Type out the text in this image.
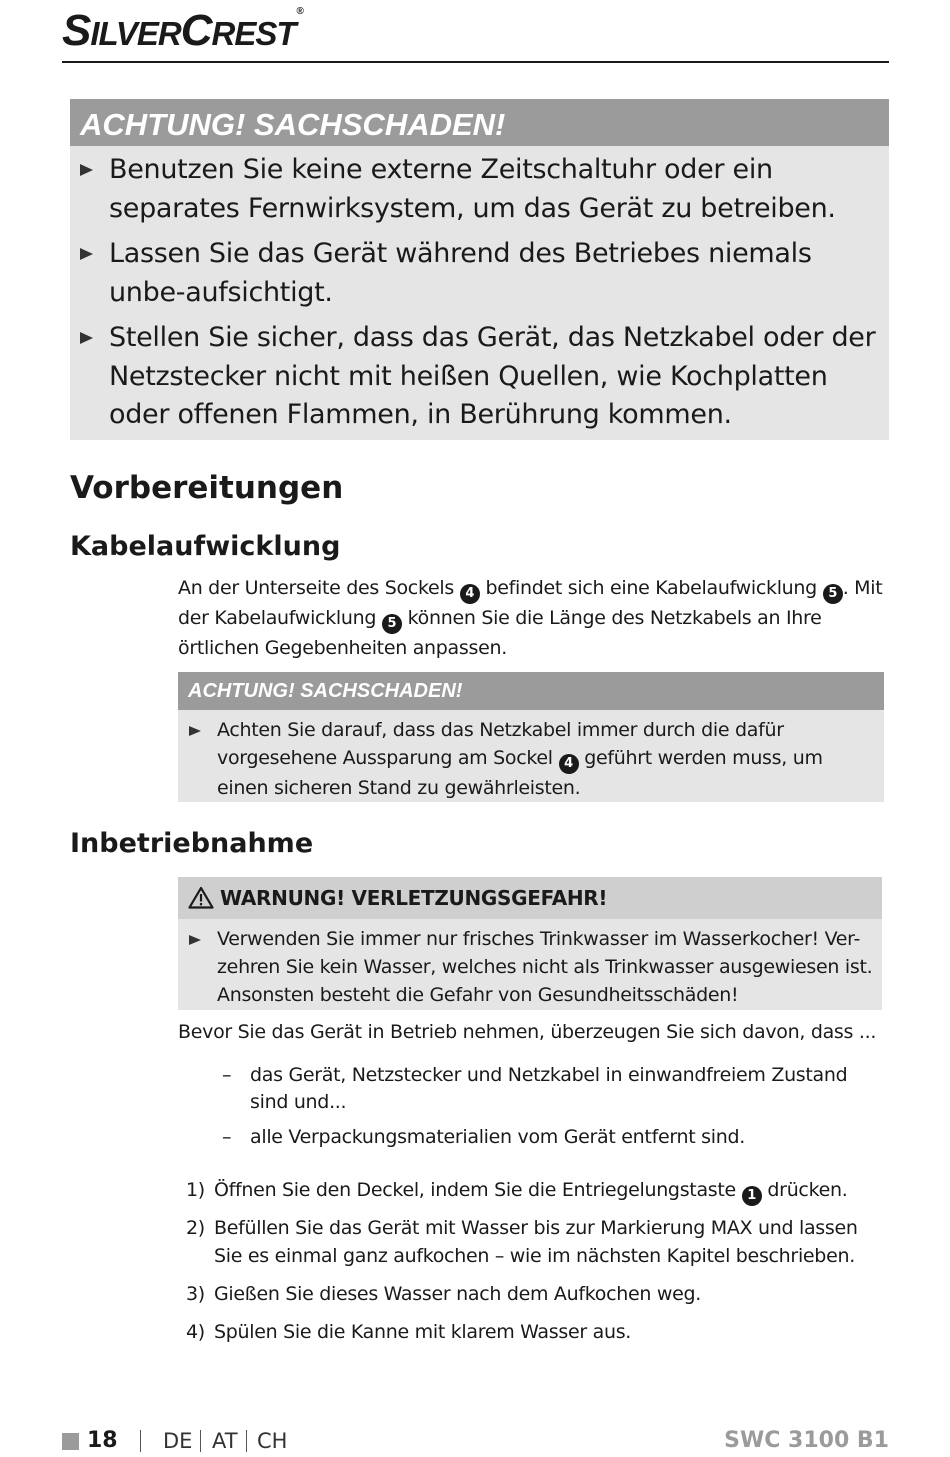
SILVERCREST®
ACHTUNG! SACHSCHADEN!
Benutzen Sie keine externe Zeitschaltuhr oder ein separates Fernwirksystem, um das Gerät zu betreiben.
Lassen Sie das Gerät während des Betriebes niemals unbe-aufsichtigt.
Stellen Sie sicher, dass das Gerät, das Netzkabel oder der Netzstecker nicht mit heißen Quellen, wie Kochplatten oder offenen Flammen, in Berührung kommen.
Vorbereitungen
Kabelaufwicklung
An der Unterseite des Sockels 4 befindet sich eine Kabelaufwicklung 5 . Mit der Kabelaufwicklung 5 können Sie die Länge des Netzkabels an Ihre örtlichen Gegebenheiten anpassen.
ACHTUNG! SACHSCHADEN!
Achten Sie darauf, dass das Netzkabel immer durch die dafür vorgesehene Aussparung am Sockel 4 geführt werden muss, um einen sicheren Stand zu gewährleisten.
Inbetriebnahme
WARNUNG! VERLETZUNGSGEFAHR!
Verwenden Sie immer nur frisches Trinkwasser im Wasserkocher! Ver-zehren Sie kein Wasser, welches nicht als Trinkwasser ausgewiesen ist. Ansonsten besteht die Gefahr von Gesundheitsschäden!
Bevor Sie das Gerät in Betrieb nehmen, überzeugen Sie sich davon, dass ...
– das Gerät, Netzstecker und Netzkabel in einwandfreiem Zustand sind und...
– alle Verpackungsmaterialien vom Gerät entfernt sind.
1) Öffnen Sie den Deckel, indem Sie die Entriegelungstaste 1 drücken.
2) Befüllen Sie das Gerät mit Wasser bis zur Markierung MAX und lassen Sie es einmal ganz aufkochen – wie im nächsten Kapitel beschrieben.
3) Gießen Sie dieses Wasser nach dem Aufkochen weg.
4) Spülen Sie die Kanne mit klarem Wasser aus.
18 DE AT CH	SWC 3100 B1
